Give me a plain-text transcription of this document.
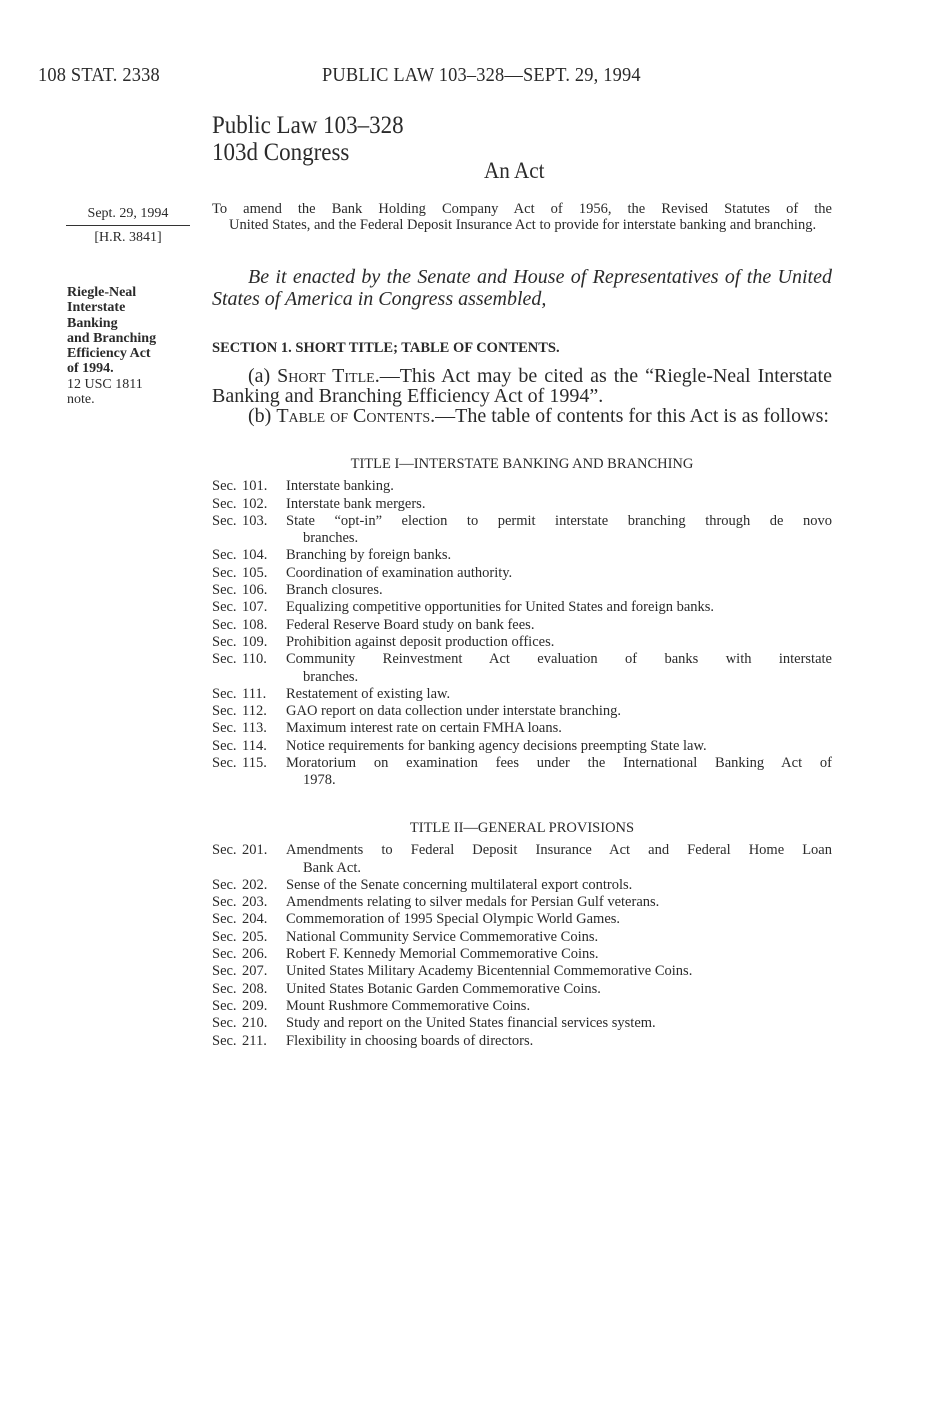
108 STAT. 2338	PUBLIC LAW 103–328—SEPT. 29, 1994
Public Law 103–328
103d Congress
An Act
Sept. 29, 1994
[H.R. 3841]
Riegle-Neal
Interstate
Banking
and Branching
Efficiency Act
of 1994.
12 USC 1811
note.
To amend the Bank Holding Company Act of 1956, the Revised Statutes of the
United States, and the Federal Deposit Insurance Act to provide for interstate banking and branching.
Be it enacted by the Senate and House of Representatives of the United States of America in Congress assembled,
SECTION 1. SHORT TITLE; TABLE OF CONTENTS.

(a) Short Title.—This Act may be cited as the “Riegle-Neal Interstate Banking and Branching Efficiency Act of 1994”.

(b) Table of Contents.—The table of contents for this Act is as follows:

TITLE I—INTERSTATE BANKING AND BRANCHING
Sec. 101.	Interstate banking.
Sec. 102.	Interstate bank mergers.
Sec. 103.	State “opt-in” election to permit interstate branching through de novo
branches.
Sec. 104.	Branching by foreign banks.
Sec. 105.	Coordination of examination authority.
Sec. 106.	Branch closures.
Sec. 107.	Equalizing competitive opportunities for United States and foreign banks.
Sec. 108.	Federal Reserve Board study on bank fees.
Sec. 109.	Prohibition against deposit production offices.
Sec. 110.	Community Reinvestment Act evaluation of banks with interstate
branches.
Sec. 111.	Restatement of existing law.
Sec. 112.	GAO report on data collection under interstate branching.
Sec. 113.	Maximum interest rate on certain FMHA loans.
Sec. 114.	Notice requirements for banking agency decisions preempting State law.
Sec. 115.	Moratorium on examination fees under the International Banking Act of
1978.
TITLE II—GENERAL PROVISIONS
Sec. 201.	Amendments to Federal Deposit Insurance Act and Federal Home Loan
Bank Act.
Sec. 202.	Sense of the Senate concerning multilateral export controls.
Sec. 203.	Amendments relating to silver medals for Persian Gulf veterans.
Sec. 204.	Commemoration of 1995 Special Olympic World Games.
Sec. 205.	National Community Service Commemorative Coins.
Sec. 206.	Robert F. Kennedy Memorial Commemorative Coins.
Sec. 207.	United States Military Academy Bicentennial Commemorative Coins.
Sec. 208.	United States Botanic Garden Commemorative Coins.
Sec. 209.	Mount Rushmore Commemorative Coins.
Sec. 210.	Study and report on the United States financial services system.
Sec. 211.	Flexibility in choosing boards of directors.
